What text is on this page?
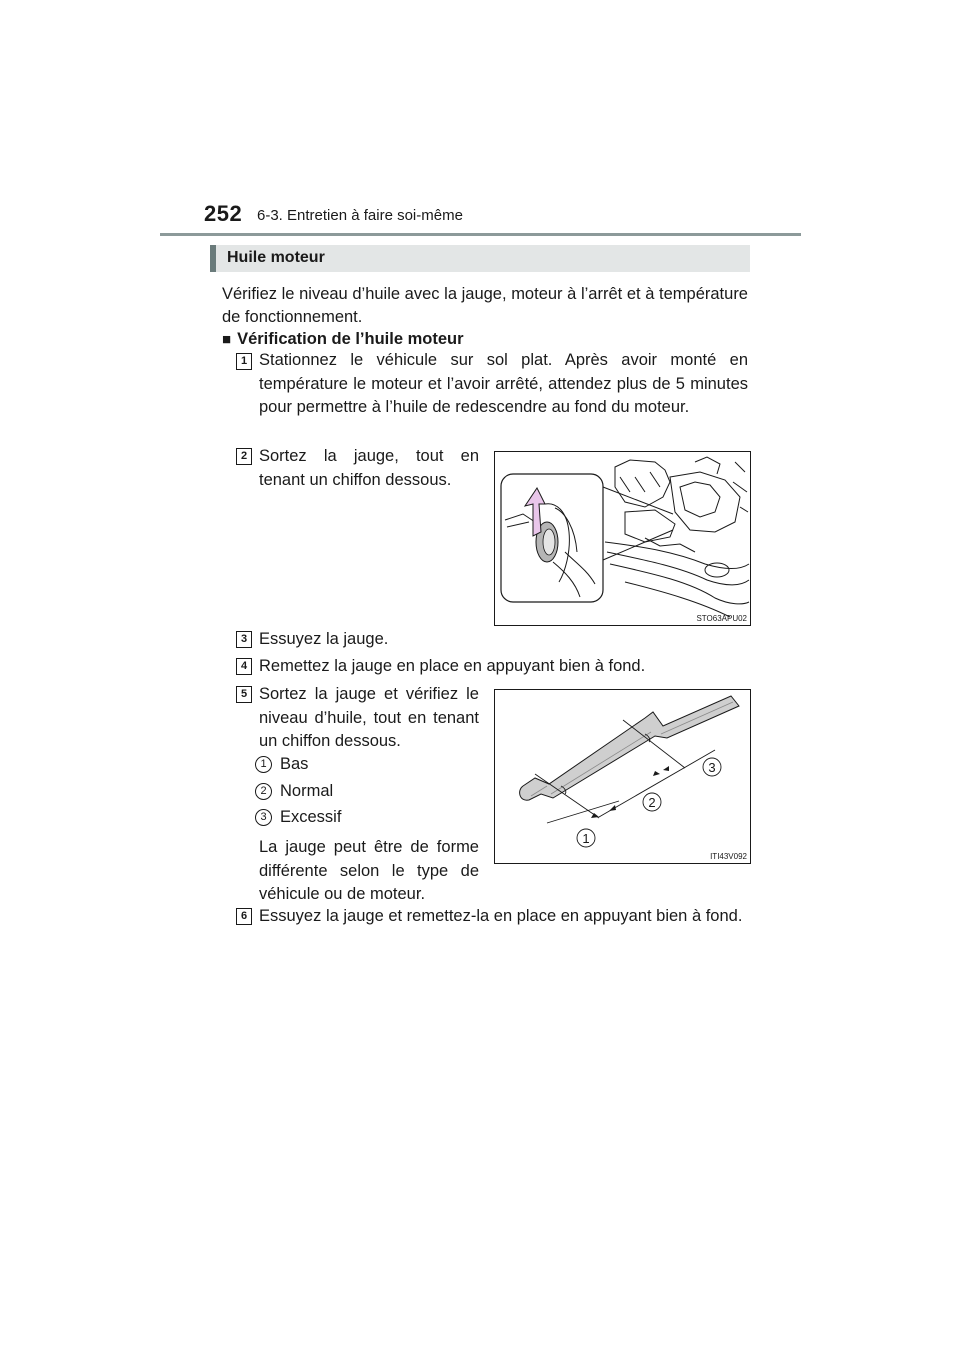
252 6-3. Entretien à faire soi-même
Huile moteur
Vérifiez le niveau d’huile avec la jauge, moteur à l’arrêt et à température de fonctionnement.
■ Vérification de l’huile moteur
1 Stationnez le véhicule sur sol plat. Après avoir monté en température le moteur et l’avoir arrêté, attendez plus de 5 minutes pour permettre à l’huile de redescendre au fond du moteur.
2 Sortez la jauge, tout en tenant un chiffon dessous.
STO63APU02
3 Essuyez la jauge.
4 Remettez la jauge en place en appuyant bien à fond.
5 Sortez la jauge et vérifiez le niveau d’huile, tout en tenant un chiffon dessous.
1 Bas
2 Normal
3 Excessif
La jauge peut être de forme différente selon le type de véhicule ou de moteur.
1
2
3
ITI43V092
6 Essuyez la jauge et remettez-la en place en appuyant bien à fond.
